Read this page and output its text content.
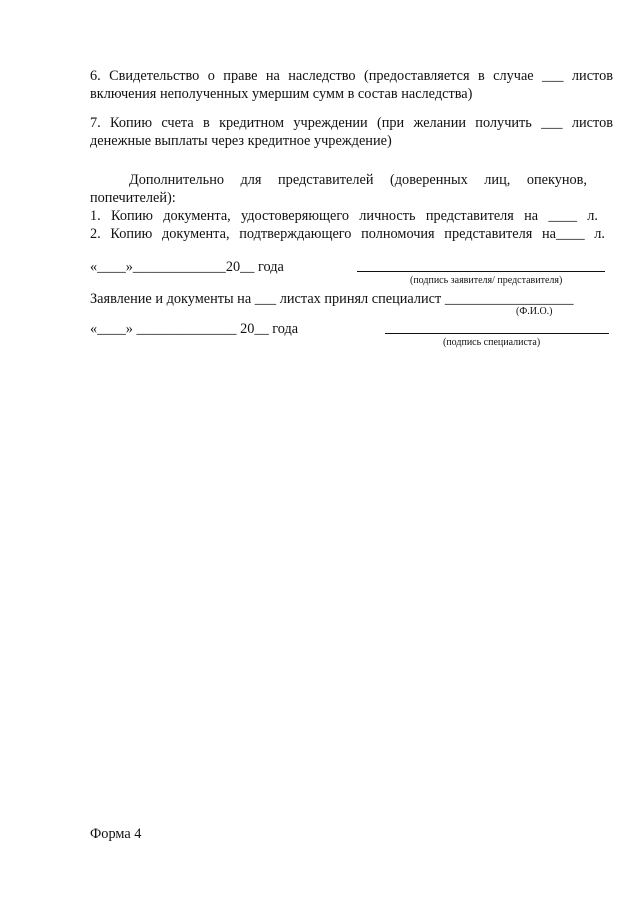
6. Свидетельство о праве на наследство (предоставляется в случае ___ листов
включения неполученных умершим сумм в состав наследства)
7. Копию счета в кредитном учреждении (при желании получить ___ листов
денежные выплаты через кредитное учреждение)
Дополнительно для представителей (доверенных лиц, опекунов,
попечителей):
1. Копию документа, удостоверяющего личность представителя на ____ л.
2. Копию документа, подтверждающего полномочия представителя на____ л.
«____»_____________20__ года
(подпись заявителя/ представителя)
Заявление и документы на ___ листах принял специалист __________________
(Ф.И.О.)
«____» ______________ 20__ года
(подпись специалиста)
Форма 4
